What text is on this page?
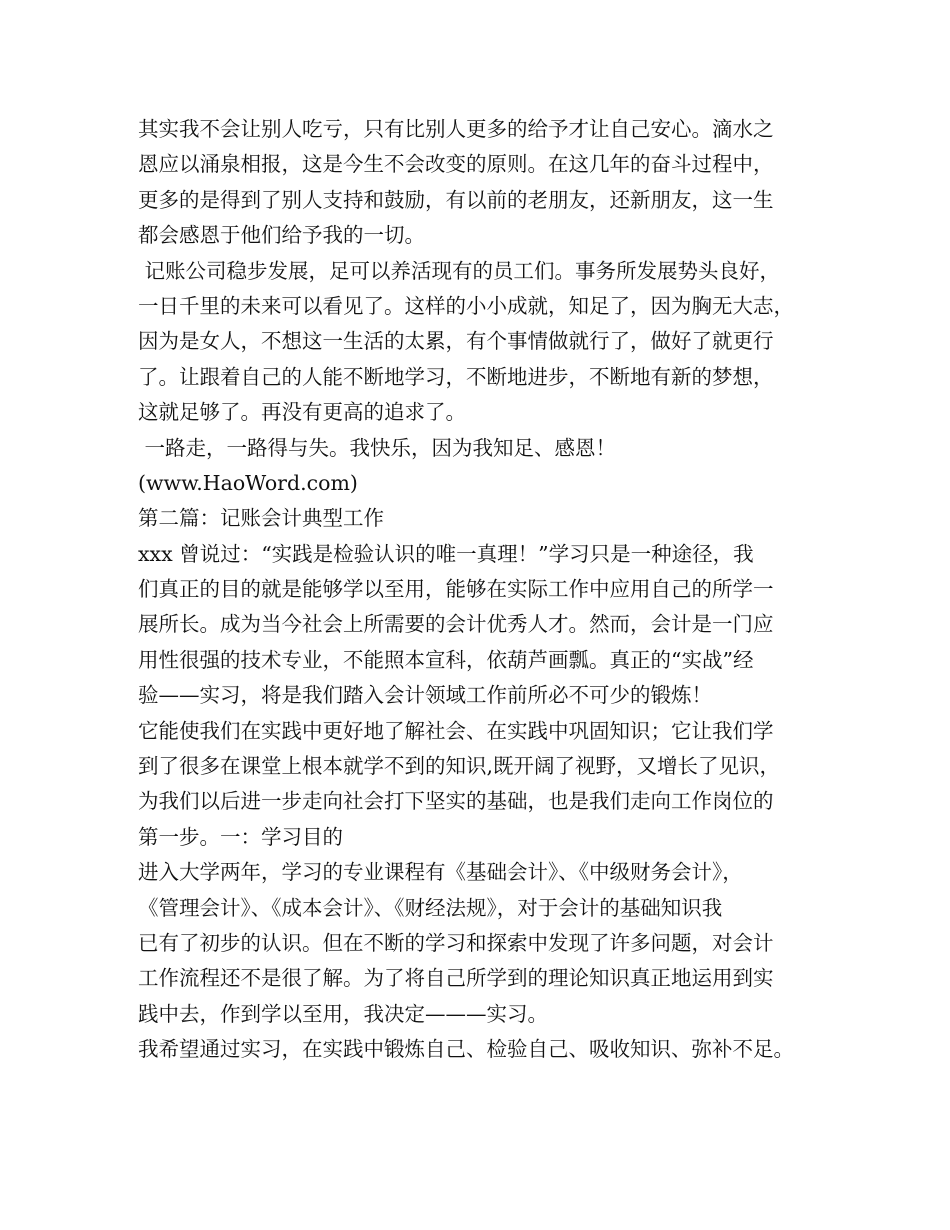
其实我不会让别人吃亏，只有比别人更多的给予才让自己安心。滴水之
恩应以涌泉相报，这是今生不会改变的原则。在这几年的奋斗过程中，
更多的是得到了别人支持和鼓励，有以前的老朋友，还新朋友，这一生
都会感恩于他们给予我的一切。
记账公司稳步发展，足可以养活现有的员工们。事务所发展势头良好，
一日千里的未来可以看见了。这样的小小成就，知足了，因为胸无大志，
因为是女人，不想这一生活的太累，有个事情做就行了，做好了就更行
了。让跟着自己的人能不断地学习，不断地进步，不断地有新的梦想，
这就足够了。再没有更高的追求了。
一路走，一路得与失。我快乐，因为我知足、感恩！
(www.HaoWord.com)
第二篇：记账会计典型工作
xxx 曾说过：“实践是检验认识的唯一真理！”学习只是一种途径，我
们真正的目的就是能够学以至用，能够在实际工作中应用自己的所学一
展所长。成为当今社会上所需要的会计优秀人才。然而，会计是一门应
用性很强的技术专业，不能照本宣科，依葫芦画瓢。真正的“实战”经
验——实习，将是我们踏入会计领域工作前所必不可少的锻炼！
它能使我们在实践中更好地了解社会、在实践中巩固知识；它让我们学
到了很多在课堂上根本就学不到的知识,既开阔了视野，又增长了见识，
为我们以后进一步走向社会打下坚实的基础，也是我们走向工作岗位的
第一步。一：学习目的
进入大学两年，学习的专业课程有《基础会计》、《中级财务会计》，
《管理会计》、《成本会计》、《财经法规》，对于会计的基础知识我
已有了初步的认识。但在不断的学习和探索中发现了许多问题，对会计
工作流程还不是很了解。为了将自己所学到的理论知识真正地运用到实
践中去，作到学以至用，我决定———实习。
我希望通过实习，在实践中锻炼自己、检验自己、吸收知识、弥补不足。
